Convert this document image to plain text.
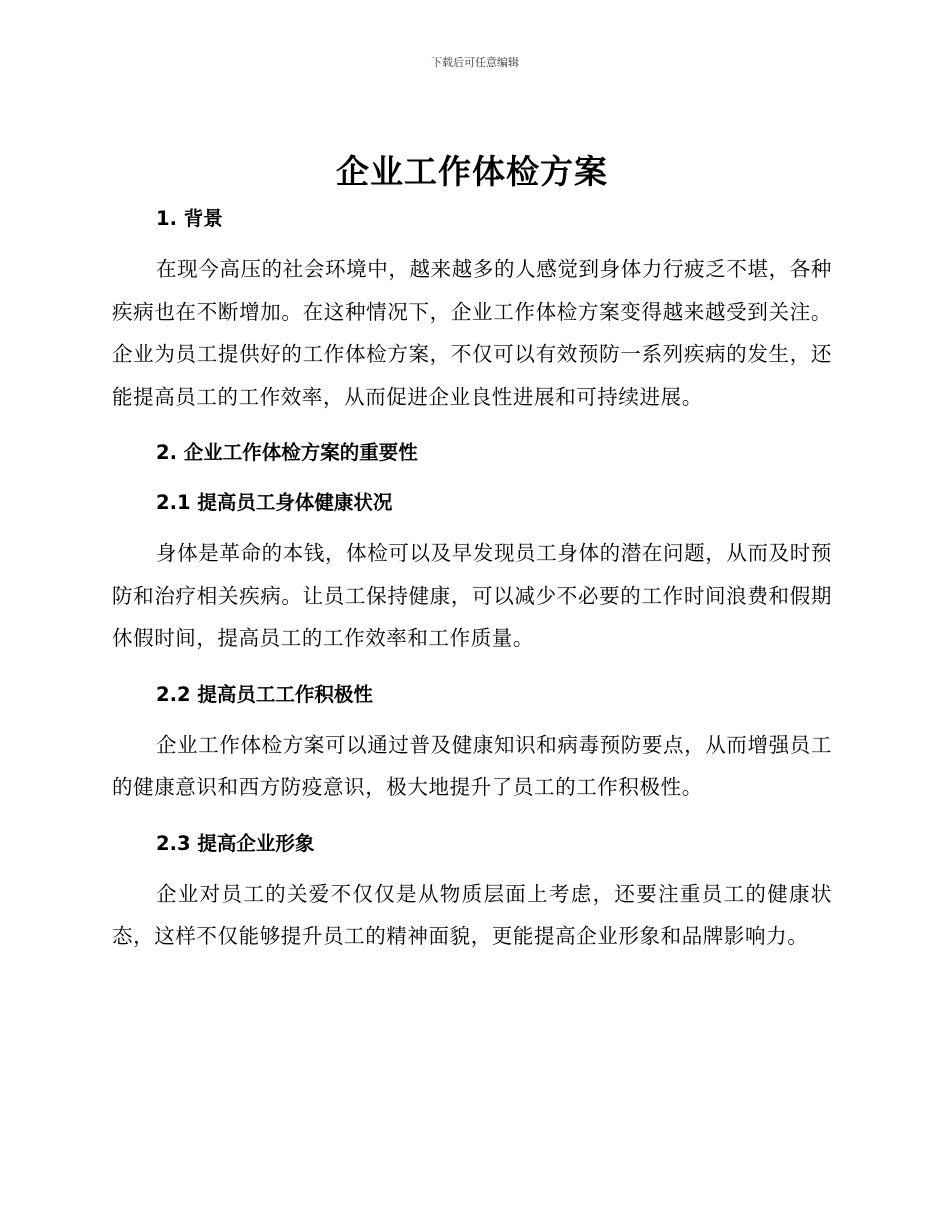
下载后可任意编辑
企业工作体检方案
1. 背景

在现今高压的社会环境中，越来越多的人感觉到身体力行疲乏不堪，各种疾病也在不断增加。在这种情况下，企业工作体检方案变得越来越受到关注。企业为员工提供好的工作体检方案，不仅可以有效预防一系列疾病的发生，还能提高员工的工作效率，从而促进企业良性进展和可持续进展。

2. 企业工作体检方案的重要性
2.1 提高员工身体健康状况

身体是革命的本钱，体检可以及早发现员工身体的潜在问题，从而及时预防和治疗相关疾病。让员工保持健康，可以减少不必要的工作时间浪费和假期休假时间，提高员工的工作效率和工作质量。

2.2 提高员工工作积极性

企业工作体检方案可以通过普及健康知识和病毒预防要点，从而增强员工的健康意识和西方防疫意识，极大地提升了员工的工作积极性。

2.3 提高企业形象

企业对员工的关爱不仅仅是从物质层面上考虑，还要注重员工的健康状态，这样不仅能够提升员工的精神面貌，更能提高企业形象和品牌影响力。
